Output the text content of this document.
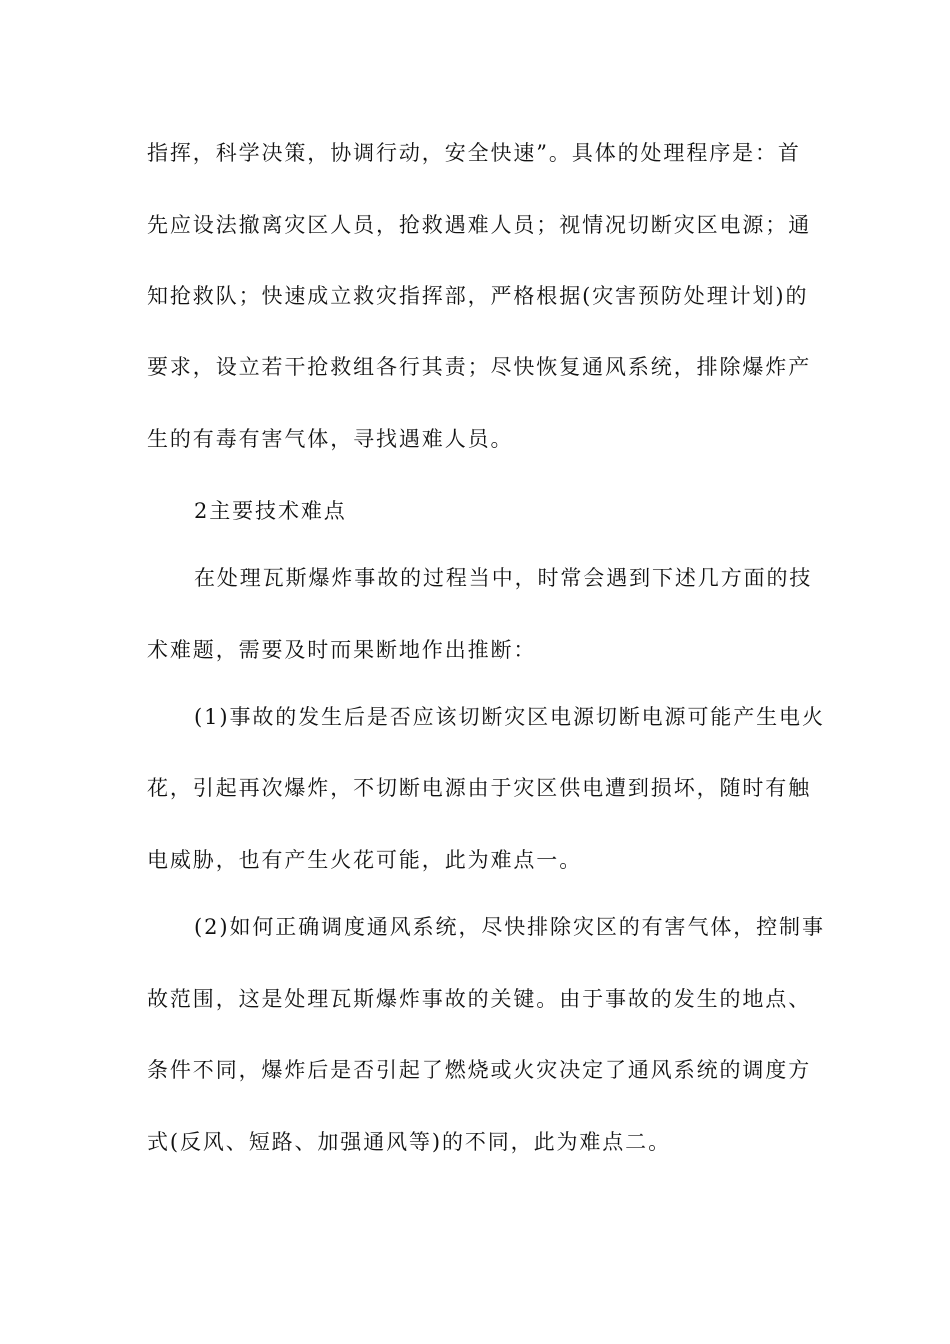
指挥，科学决策，协调行动，安全快速”。具体的处理程序是：首
先应设法撤离灾区人员，抢救遇难人员；视情况切断灾区电源；通
知抢救队；快速成立救灾指挥部，严格根据(灾害预防处理计划)的
要求，设立若干抢救组各行其责；尽快恢复通风系统，排除爆炸产
生的有毒有害气体，寻找遇难人员。
2主要技术难点
在处理瓦斯爆炸事故的过程当中，时常会遇到下述几方面的技
术难题，需要及时而果断地作出推断：
(1)事故的发生后是否应该切断灾区电源切断电源可能产生电火
花，引起再次爆炸，不切断电源由于灾区供电遭到损坏，随时有触
电威胁，也有产生火花可能，此为难点一。
(2)如何正确调度通风系统，尽快排除灾区的有害气体，控制事
故范围，这是处理瓦斯爆炸事故的关键。由于事故的发生的地点、
条件不同，爆炸后是否引起了燃烧或火灾决定了通风系统的调度方
式(反风、短路、加强通风等)的不同，此为难点二。
